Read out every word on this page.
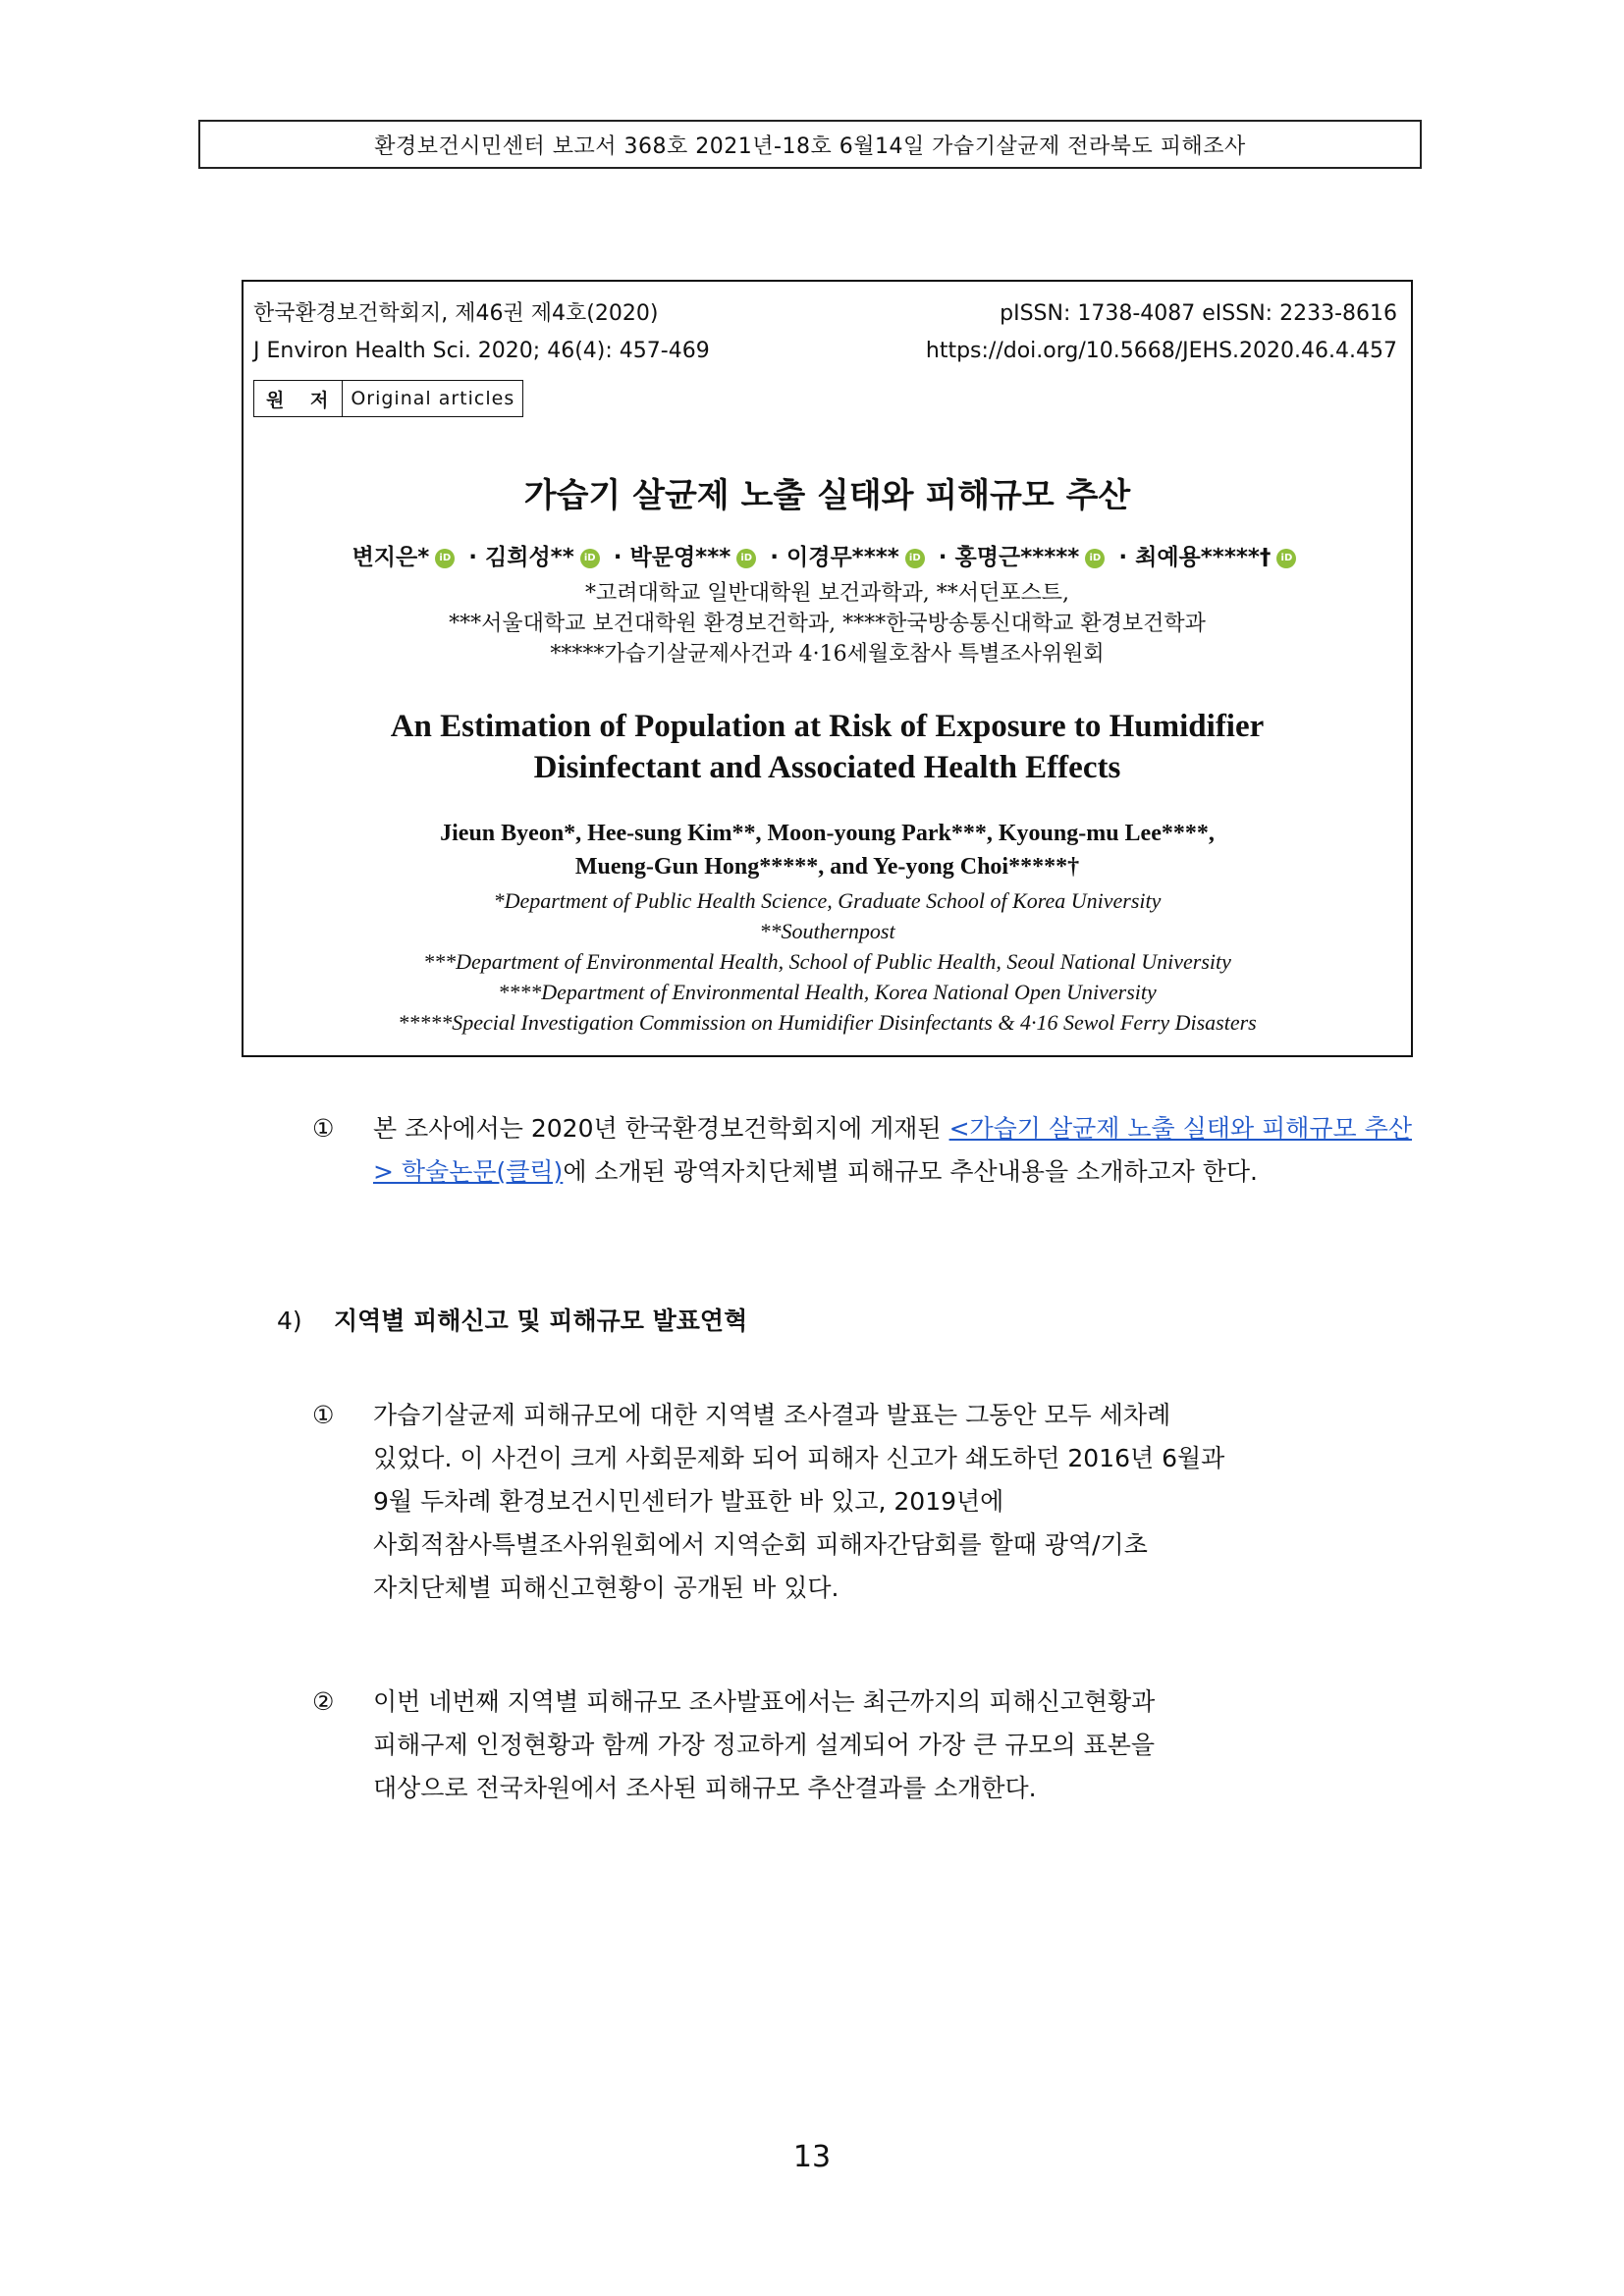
환경보건시민센터 보고서 368호 2021년-18호 6월14일 가습기살균제 전라북도 피해조사
한국환경보건학회지, 제46권 제4호(2020)
J Environ Health Sci. 2020; 46(4): 457-469
pISSN: 1738-4087 eISSN: 2233-8616
https://doi.org/10.5668/JEHS.2020.46.4.457
원 저 Original articles
가습기 살균제 노출 실태와 피해규모 추산
변지은* iD · 김희성** iD · 박문영*** iD · 이경무**** iD · 홍명근***** iD · 최예용*****† iD
*고려대학교 일반대학원 보건과학과, **서던포스트,
***서울대학교 보건대학원 환경보건학과, ****한국방송통신대학교 환경보건학과
*****가습기살균제사건과 4·16세월호참사 특별조사위원회
An Estimation of Population at Risk of Exposure to Humidifier
Disinfectant and Associated Health Effects
Jieun Byeon*, Hee-sung Kim**, Moon-young Park***, Kyoung-mu Lee****,
Mueng-Gun Hong*****, and Ye-yong Choi*****†
*Department of Public Health Science, Graduate School of Korea University
**Southernpost
***Department of Environmental Health, School of Public Health, Seoul National University
****Department of Environmental Health, Korea National Open University
*****Special Investigation Commission on Humidifier Disinfectants & 4·16 Sewol Ferry Disasters
① 본 조사에서는 2020년 한국환경보건학회지에 게재된 <가습기 살균제 노출 실태와 피해규모 추산> 학술논문(클릭)에 소개된 광역자치단체별 피해규모 추산내용을 소개하고자 한다.
4) 지역별 피해신고 및 피해규모 발표연혁
① 가습기살균제 피해규모에 대한 지역별 조사결과 발표는 그동안 모두 세차례
있었다. 이 사건이 크게 사회문제화 되어 피해자 신고가 쇄도하던 2016년 6월과
9월 두차례 환경보건시민센터가 발표한 바 있고, 2019년에
사회적참사특별조사위원회에서 지역순회 피해자간담회를 할때 광역/기초
자치단체별 피해신고현황이 공개된 바 있다.
② 이번 네번째 지역별 피해규모 조사발표에서는 최근까지의 피해신고현황과
피해구제 인정현황과 함께 가장 정교하게 설계되어 가장 큰 규모의 표본을
대상으로 전국차원에서 조사된 피해규모 추산결과를 소개한다.
13
